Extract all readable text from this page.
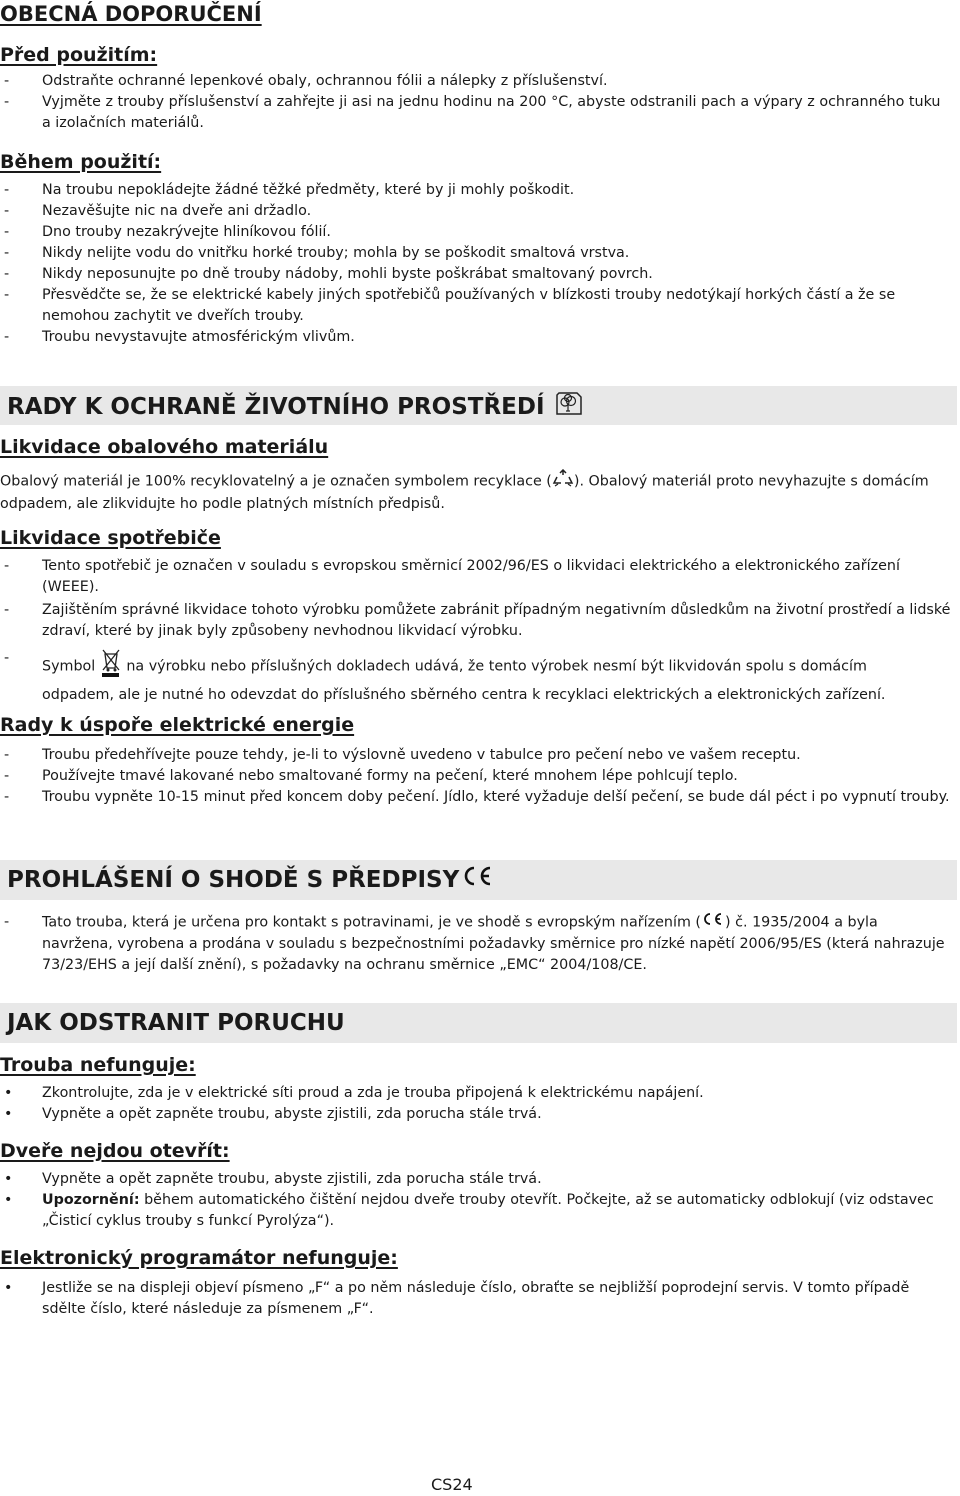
OBECNÁ DOPORUČENÍ
Před použitím:
- Odstraňte ochranné lepenkové obaly, ochrannou fólii a nálepky z příslušenství.
- Vyjměte z trouby příslušenství a zahřejte ji asi na jednu hodinu na 200 °C, abyste odstranili pach a výpary z ochranného tuku a izolačních materiálů.
Během použití:
- Na troubu nepokládejte žádné těžké předměty, které by ji mohly poškodit.
- Nezavěšujte nic na dveře ani držadlo.
- Dno trouby nezakrývejte hliníkovou fólií.
- Nikdy nelijte vodu do vnitřku horké trouby; mohla by se poškodit smaltová vrstva.
- Nikdy neposunujte po dně trouby nádoby, mohli byste poškrábat smaltovaný povrch.
- Přesvědčte se, že se elektrické kabely jiných spotřebičů používaných v blízkosti trouby nedotýkají horkých částí a že se nemohou zachytit ve dveřích trouby.
- Troubu nevystavujte atmosférickým vlivům.
RADY K OCHRANĚ ŽIVOTNÍHO PROSTŘEDÍ
Likvidace obalového materiálu

Obalový materiál je 100% recyklovatelný a je označen symbolem recyklace ( ). Obalový materiál proto nevyhazujte s domácím odpadem, ale zlikvidujte ho podle platných místních předpisů.

Likvidace spotřebiče
- Tento spotřebič je označen v souladu s evropskou směrnicí 2002/96/ES o likvidaci elektrického a elektronického zařízení (WEEE).
- Zajištěním správné likvidace tohoto výrobku pomůžete zabránit případným negativním důsledkům na životní prostředí a lidské zdraví, které by jinak byly způsobeny nevhodnou likvidací výrobku.
-
Symbol na výrobku nebo příslušných dokladech udává, že tento výrobek nesmí být likvidován spolu s domácím
odpadem, ale je nutné ho odevzdat do příslušného sběrného centra k recyklaci elektrických a elektronických zařízení.
Rady k úspoře elektrické energie
- Troubu předehřívejte pouze tehdy, je-li to výslovně uvedeno v tabulce pro pečení nebo ve vašem receptu.
- Používejte tmavé lakované nebo smaltované formy na pečení, které mnohem lépe pohlcují teplo.
- Troubu vypněte 10-15 minut před koncem doby pečení. Jídlo, které vyžaduje delší pečení, se bude dál péct i po vypnutí trouby.
PROHLÁŠENÍ O SHODĚ S PŘEDPISY
- Tato trouba, která je určena pro kontakt s potravinami, je ve shodě s evropským nařízením ( ) č. 1935/2004 a byla navržena, vyrobena a prodána v souladu s bezpečnostními požadavky směrnice pro nízké napětí 2006/95/ES (která nahrazuje 73/23/EHS a její další znění), s požadavky na ochranu směrnice „EMC“ 2004/108/CE.
JAK ODSTRANIT PORUCHU
Trouba nefunguje:
• Zkontrolujte, zda je v elektrické síti proud a zda je trouba připojená k elektrickému napájení.
• Vypněte a opět zapněte troubu, abyste zjistili, zda porucha stále trvá.
Dveře nejdou otevřít:
• Vypněte a opět zapněte troubu, abyste zjistili, zda porucha stále trvá.
• Upozornění: během automatického čištění nejdou dveře trouby otevřít. Počkejte, až se automaticky odblokují (viz odstavec „Čisticí cyklus trouby s funkcí Pyrolýza“).
Elektronický programátor nefunguje:
• Jestliže se na displeji objeví písmeno „F“ a po něm následuje číslo, obraťte se nejbližší poprodejní servis. V tomto případě sdělte číslo, které následuje za písmenem „F“.
CS24
